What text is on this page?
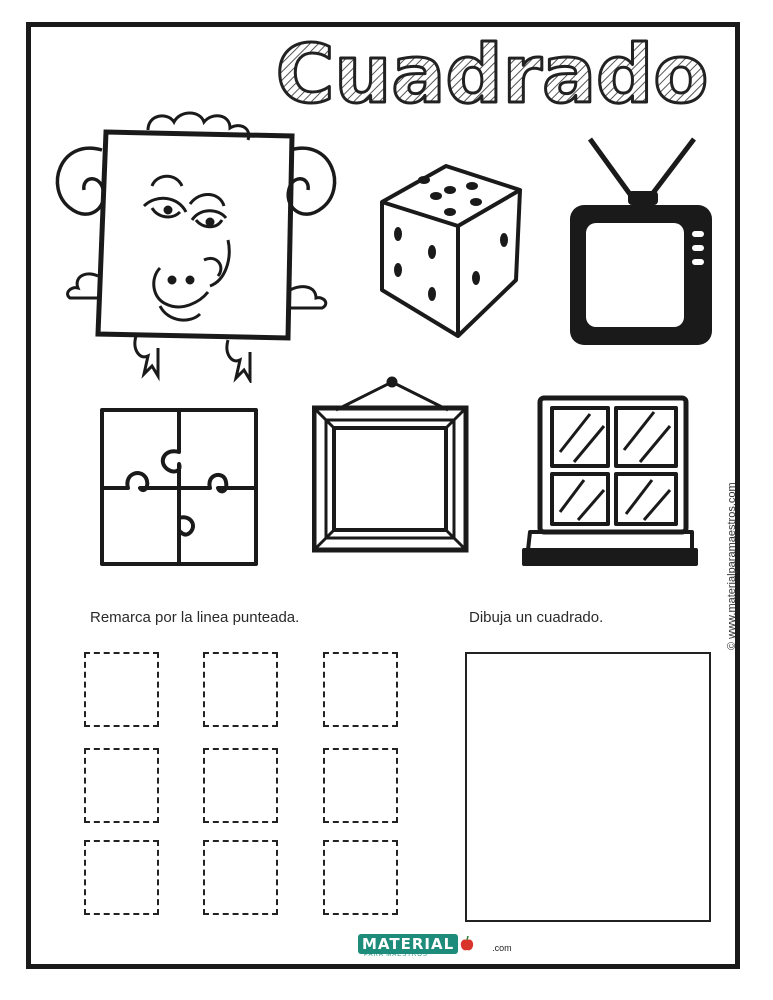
Cuadrado
Remarca por la linea punteada.	Dibuja un cuadrado.	© www.materialparamaestros.com
MATERIAL
PARA MAESTROS
.com
